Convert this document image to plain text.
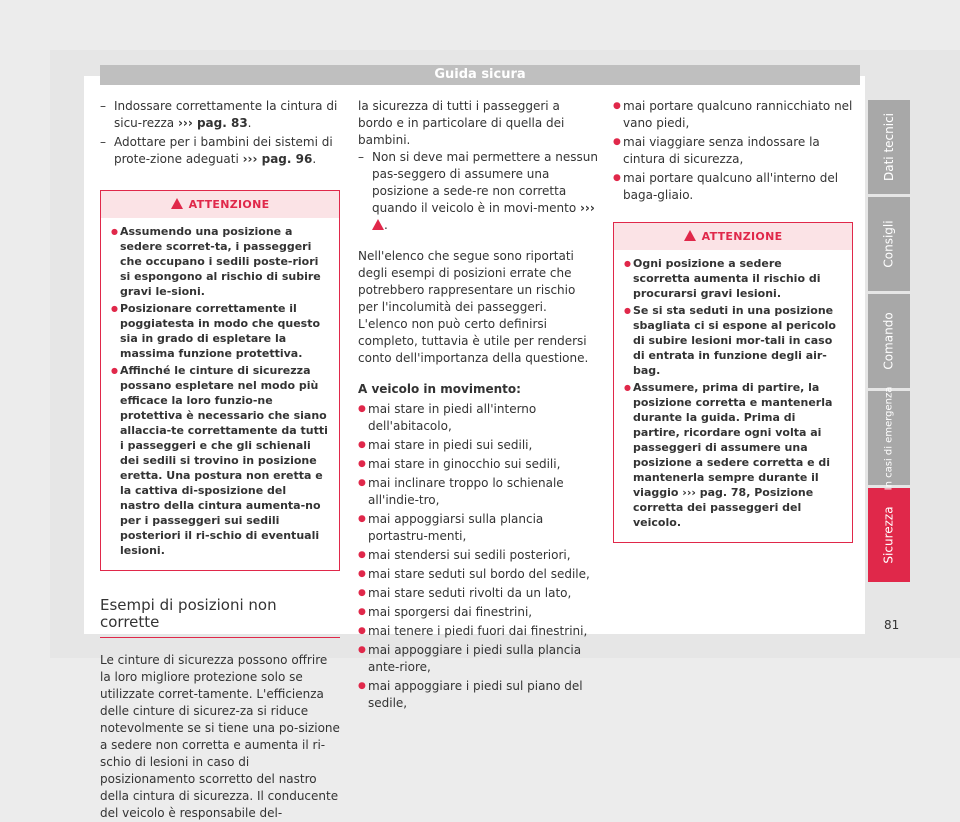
Guida sicura
– Indossare correttamente la cintura di sicu-rezza ››› pag. 83.
– Adottare per i bambini dei sistemi di prote-zione adeguati ››› pag. 96.
ATTENZIONE
● Assumendo una posizione a sedere scorret-ta, i passeggeri che occupano i sedili poste-riori si espongono al rischio di subire gravi le-sioni.
● Posizionare correttamente il poggiatesta in modo che questo sia in grado di espletare la massima funzione protettiva.
● Affinché le cinture di sicurezza possano espletare nel modo più efficace la loro funzio-ne protettiva è necessario che siano allaccia-te correttamente da tutti i passeggeri e che gli schienali dei sedili si trovino in posizione eretta. Una postura non eretta e la cattiva di-sposizione del nastro della cintura aumenta-no per i passeggeri sui sedili posteriori il ri-schio di eventuali lesioni.
Esempi di posizioni non corrette
Le cinture di sicurezza possono offrire la loro migliore protezione solo se utilizzate corret-tamente. L'efficienza delle cinture di sicurez-za si riduce notevolmente se si tiene una po-sizione a sedere non corretta e aumenta il ri-schio di lesioni in caso di posizionamento scorretto del nastro della cintura di sicurezza. Il conducente del veicolo è responsabile del-
la sicurezza di tutti i passeggeri a bordo e in particolare di quella dei bambini.
– Non si deve mai permettere a nessun pas-seggero di assumere una posizione a sede-re non corretta quando il veicolo è in movi-mento ››› .
Nell'elenco che segue sono riportati degli esempi di posizioni errate che potrebbero rappresentare un rischio per l'incolumità dei passeggeri. L'elenco non può certo definirsi completo, tuttavia è utile per rendersi conto dell'importanza della questione.
A veicolo in movimento:
● mai stare in piedi all'interno dell'abitacolo,
● mai stare in piedi sui sedili,
● mai stare in ginocchio sui sedili,
● mai inclinare troppo lo schienale all'indie-tro,
● mai appoggiarsi sulla plancia portastru-menti,
● mai stendersi sui sedili posteriori,
● mai stare seduti sul bordo del sedile,
● mai stare seduti rivolti da un lato,
● mai sporgersi dai finestrini,
● mai tenere i piedi fuori dai finestrini,
● mai appoggiare i piedi sulla plancia ante-riore,
● mai appoggiare i piedi sul piano del sedile,
● mai portare qualcuno rannicchiato nel vano piedi,
● mai viaggiare senza indossare la cintura di sicurezza,
● mai portare qualcuno all'interno del baga-gliaio.
ATTENZIONE
● Ogni posizione a sedere scorretta aumenta il rischio di procurarsi gravi lesioni.
● Se si sta seduti in una posizione sbagliata ci si espone al pericolo di subire lesioni mor-tali in caso di entrata in funzione degli air-bag.
● Assumere, prima di partire, la posizione corretta e mantenerla durante la guida. Prima di partire, ricordare ogni volta ai passeggeri di assumere una posizione a sedere corretta e di mantenerla sempre durante il viaggio ››› pag. 78, Posizione corretta dei passeggeri del veicolo.
Dati tecnici
Consigli
Comando
In casi di emergenza
Sicurezza
81
